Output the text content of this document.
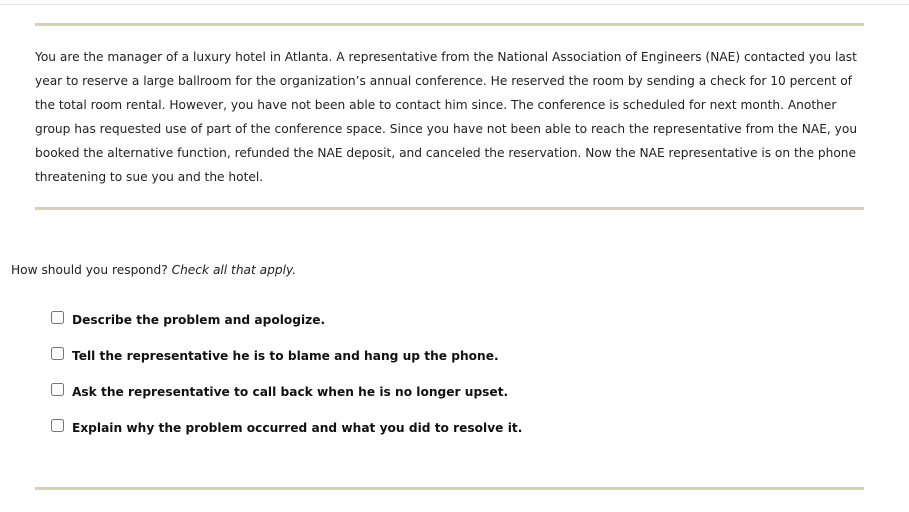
You are the manager of a luxury hotel in Atlanta. A representative from the National Association of Engineers (NAE) contacted you last year to reserve a large ballroom for the organization’s annual conference. He reserved the room by sending a check for 10 percent of the total room rental. However, you have not been able to contact him since. The conference is scheduled for next month. Another group has requested use of part of the conference space. Since you have not been able to reach the representative from the NAE, you booked the alternative function, refunded the NAE deposit, and canceled the reservation. Now the NAE representative is on the phone threatening to sue you and the hotel.
How should you respond? Check all that apply.
Describe the problem and apologize.
Tell the representative he is to blame and hang up the phone.
Ask the representative to call back when he is no longer upset.
Explain why the problem occurred and what you did to resolve it.
